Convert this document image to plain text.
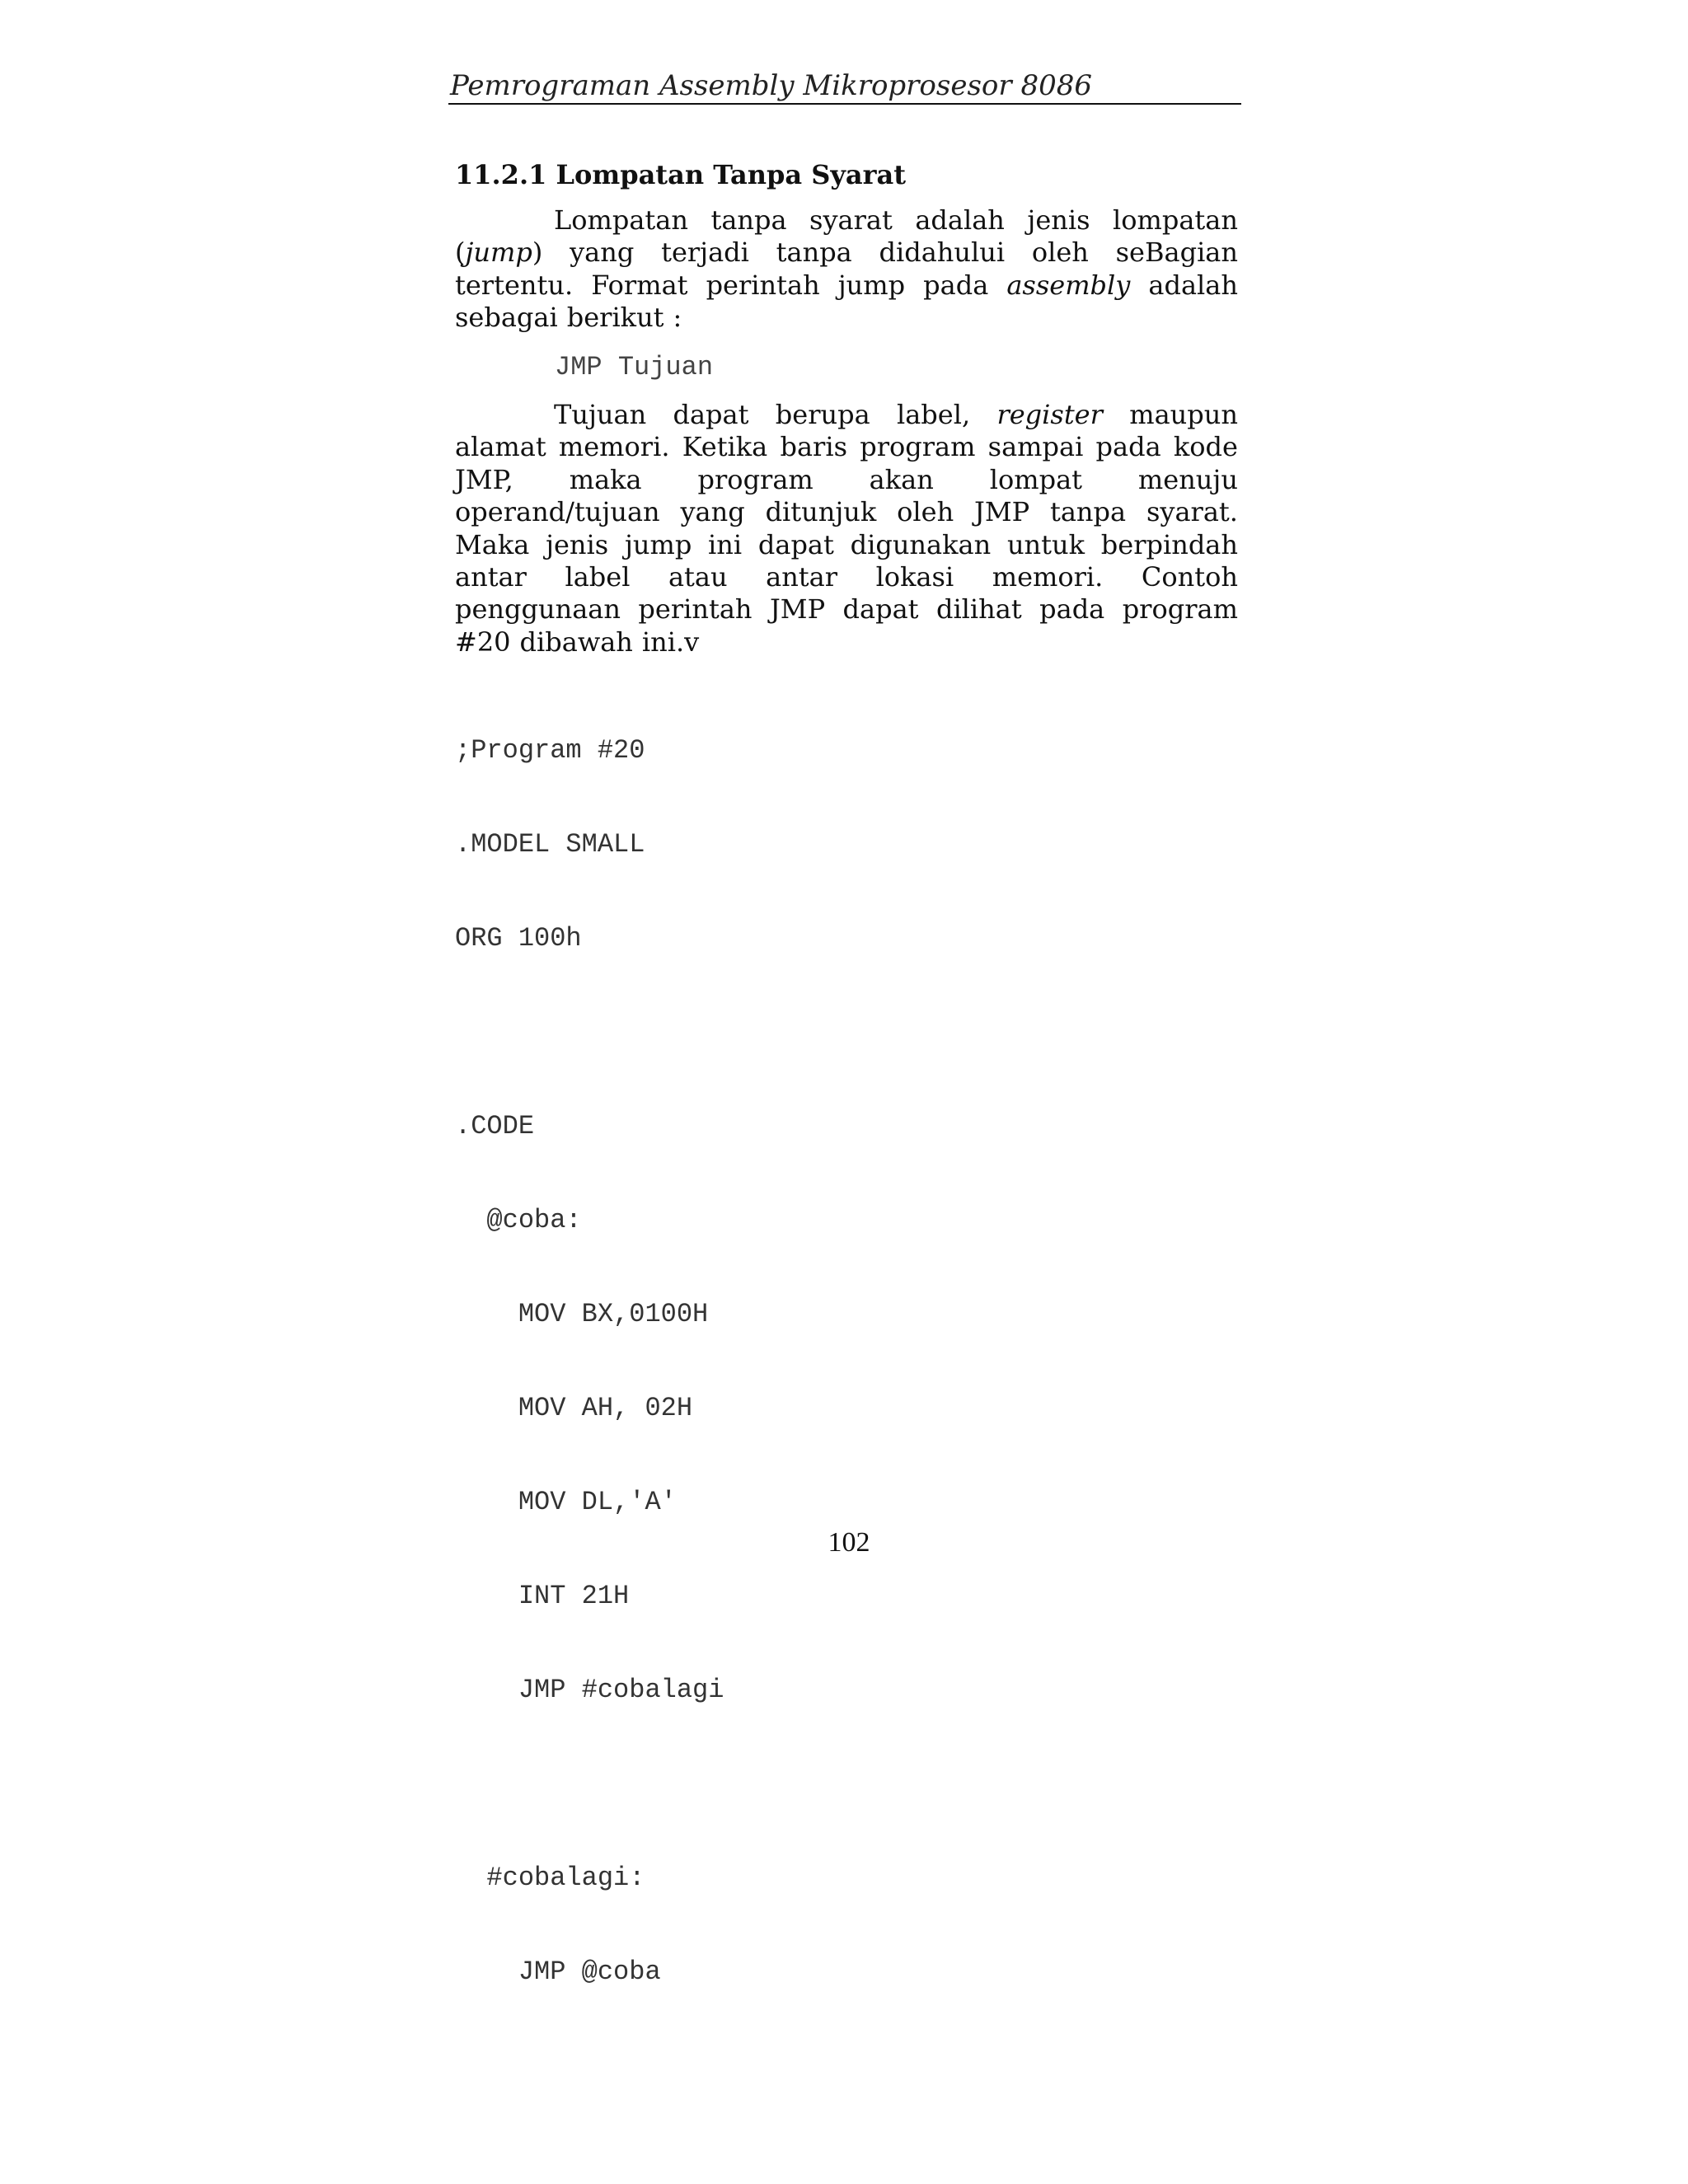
Pemrograman Assembly Mikroprosesor 8086
11.2.1 Lompatan Tanpa Syarat
Lompatan tanpa syarat adalah jenis lompatan
(jump) yang terjadi tanpa didahului oleh seBagian
tertentu. Format perintah jump pada assembly adalah
sebagai berikut :
JMP Tujuan
Tujuan dapat berupa label, register maupun
alamat memori. Ketika baris program sampai pada kode
JMP, maka program akan lompat menuju
operand/tujuan yang ditunjuk oleh JMP tanpa syarat.
Maka jenis jump ini dapat digunakan untuk berpindah
antar label atau antar lokasi memori. Contoh
penggunaan perintah JMP dapat dilihat pada program
#20 dibawah ini.v

;Program #20

.MODEL SMALL

ORG 100h

.CODE

@coba:

MOV BX,0100H

MOV AH, 02H

MOV DL,'A'

INT 21H

JMP #cobalagi

#cobalagi:

JMP @coba

102
